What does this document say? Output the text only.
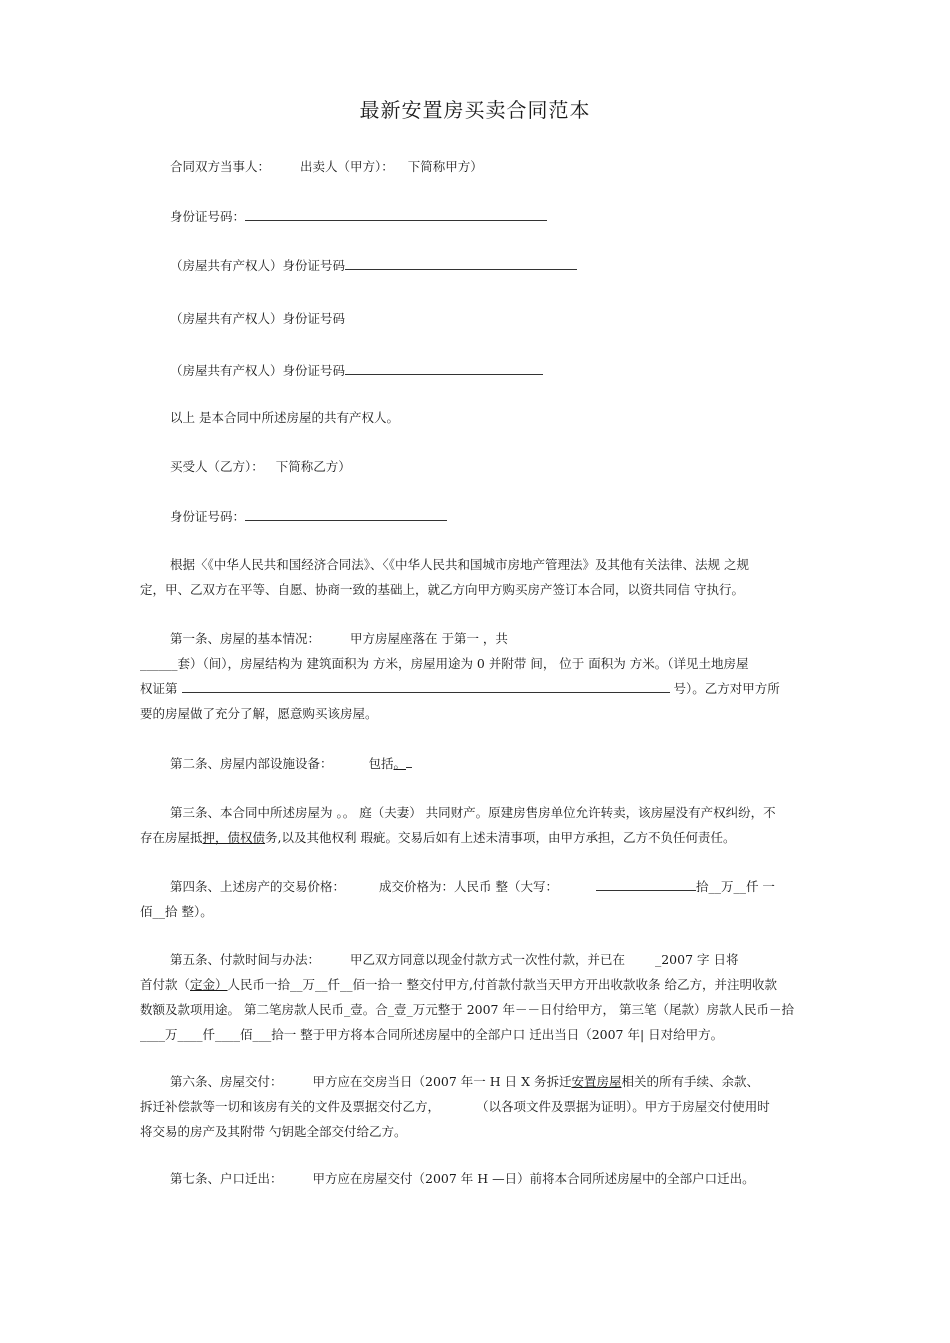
最新安置房买卖合同范本
合同双方当事人： 出卖人（甲方）： 下简称甲方）
身份证号码：
（房屋共有产权人）身份证号码
（房屋共有产权人）身份证号码
（房屋共有产权人）身份证号码
以上 是本合同中所述房屋的共有产权人。
买受人（乙方）： 下简称乙方）
身份证号码：

根据〈《中华人民共和国经济合同法》、〈《中华人民共和国城市房地产管理法》及其他有关法律、法规 之规

定，甲、乙双方在平等、自愿、协商一致的基础上，就乙方向甲方购买房产签订本合同，以资共同信 守执行。

第一条、房屋的基本情况： 甲方房屋座落在 于第一 ，共

______套）（间），房屋结构为 建筑面积为 方米，房屋用途为 0 并附带 间， 位于 面积为 方米。（详见土地房屋

权证第	号）。乙方对甲方所

要的房屋做了充分了解，愿意购买该房屋。

第二条、房屋内部设施设备：	包括。

第三条、本合同中所述房屋为 。。 庭（夫妻） 共同财产。原建房售房单位允许转卖，该房屋没有产权纠纷，不

存在房屋抵押，债权债务,以及其他权利 瑕疵。交易后如有上述未清事项，由甲方承担，乙方不负任何责任。

第四条、上述房产的交易价格：	成交价格为：人民币 整（大写：	拾__万__仟 一

佰__拾 整）。

第五条、付款时间与办法： 甲乙双方同意以现金付款方式一次性付款，并已在 _2007 字 日将

首付款（定金）人民币一拾__万__仟__佰一拾一 整交付甲方,付首款付款当天甲方开出收款收条 给乙方，并注明收款

数额及款项用途。 第二笔房款人民币_壹。合_壹_万元整于 2007 年－－日付给甲方， 第三笔（尾款）房款人民币－拾

____万____仟____佰___拾一 整于甲方将本合同所述房屋中的全部户口 迁出当日（2007 年| 日对给甲方。

第六条、房屋交付： 甲方应在交房当日（2007 年一 H 日 X 务拆迁安置房屋相关的所有手续、余款、

拆迁补偿款等一切和该房有关的文件及票据交付乙方，	（以各项文件及票据为证明）。甲方于房屋交付使用时

将交易的房产及其附带 勺钥匙全部交付给乙方。

第七条、户口迁出： 甲方应在房屋交付（2007 年 H —日）前将本合同所述房屋中的全部户口迁出。
